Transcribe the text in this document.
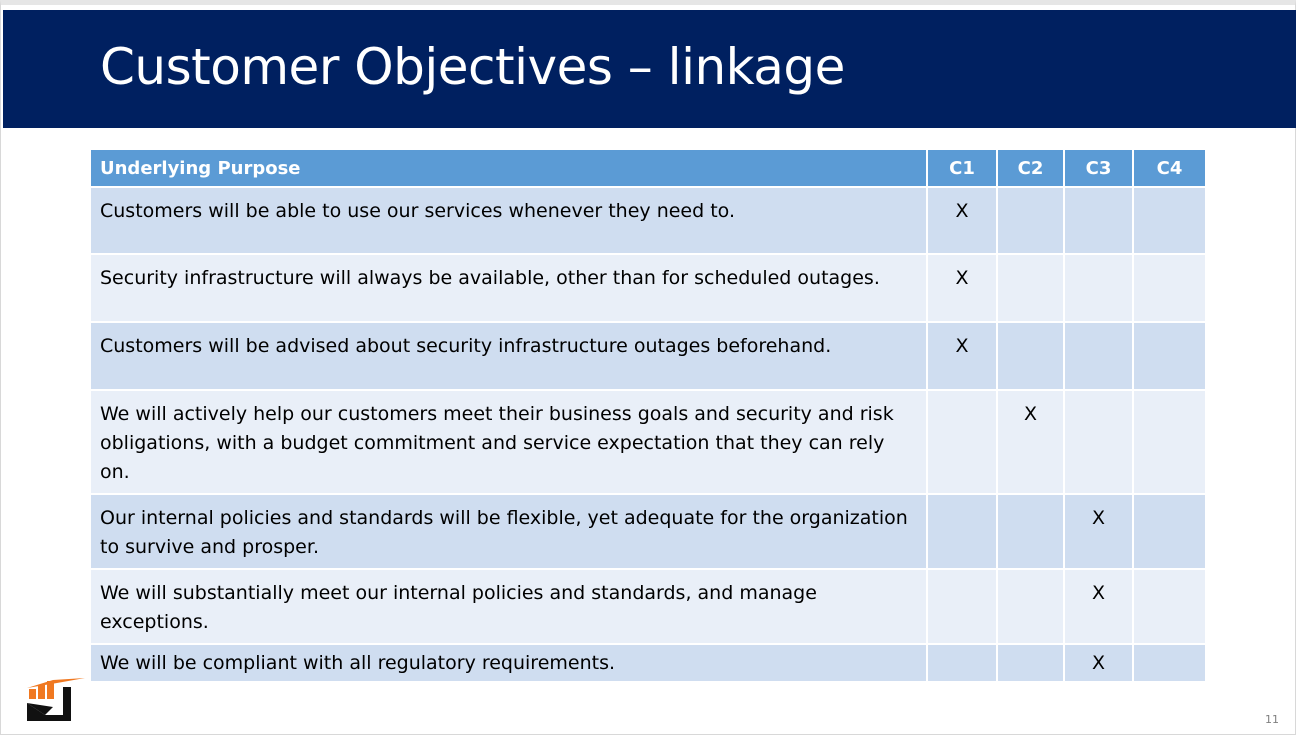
Customer Objectives – linkage
Underlying Purpose	C1	C2	C3	C4
Customers will be able to use our services whenever they need to.	X			
Security infrastructure will always be available, other than for scheduled outages.	X			
Customers will be advised about security infrastructure outages beforehand.	X			
We will actively help our customers meet their business goals and security and risk obligations, with a budget commitment and service expectation that they can rely on.		X		
Our internal policies and standards will be flexible, yet adequate for the organization to survive and prosper.			X	
We will substantially meet our internal policies and standards, and manage exceptions.			X	
We will be compliant with all regulatory requirements.			X	
11
